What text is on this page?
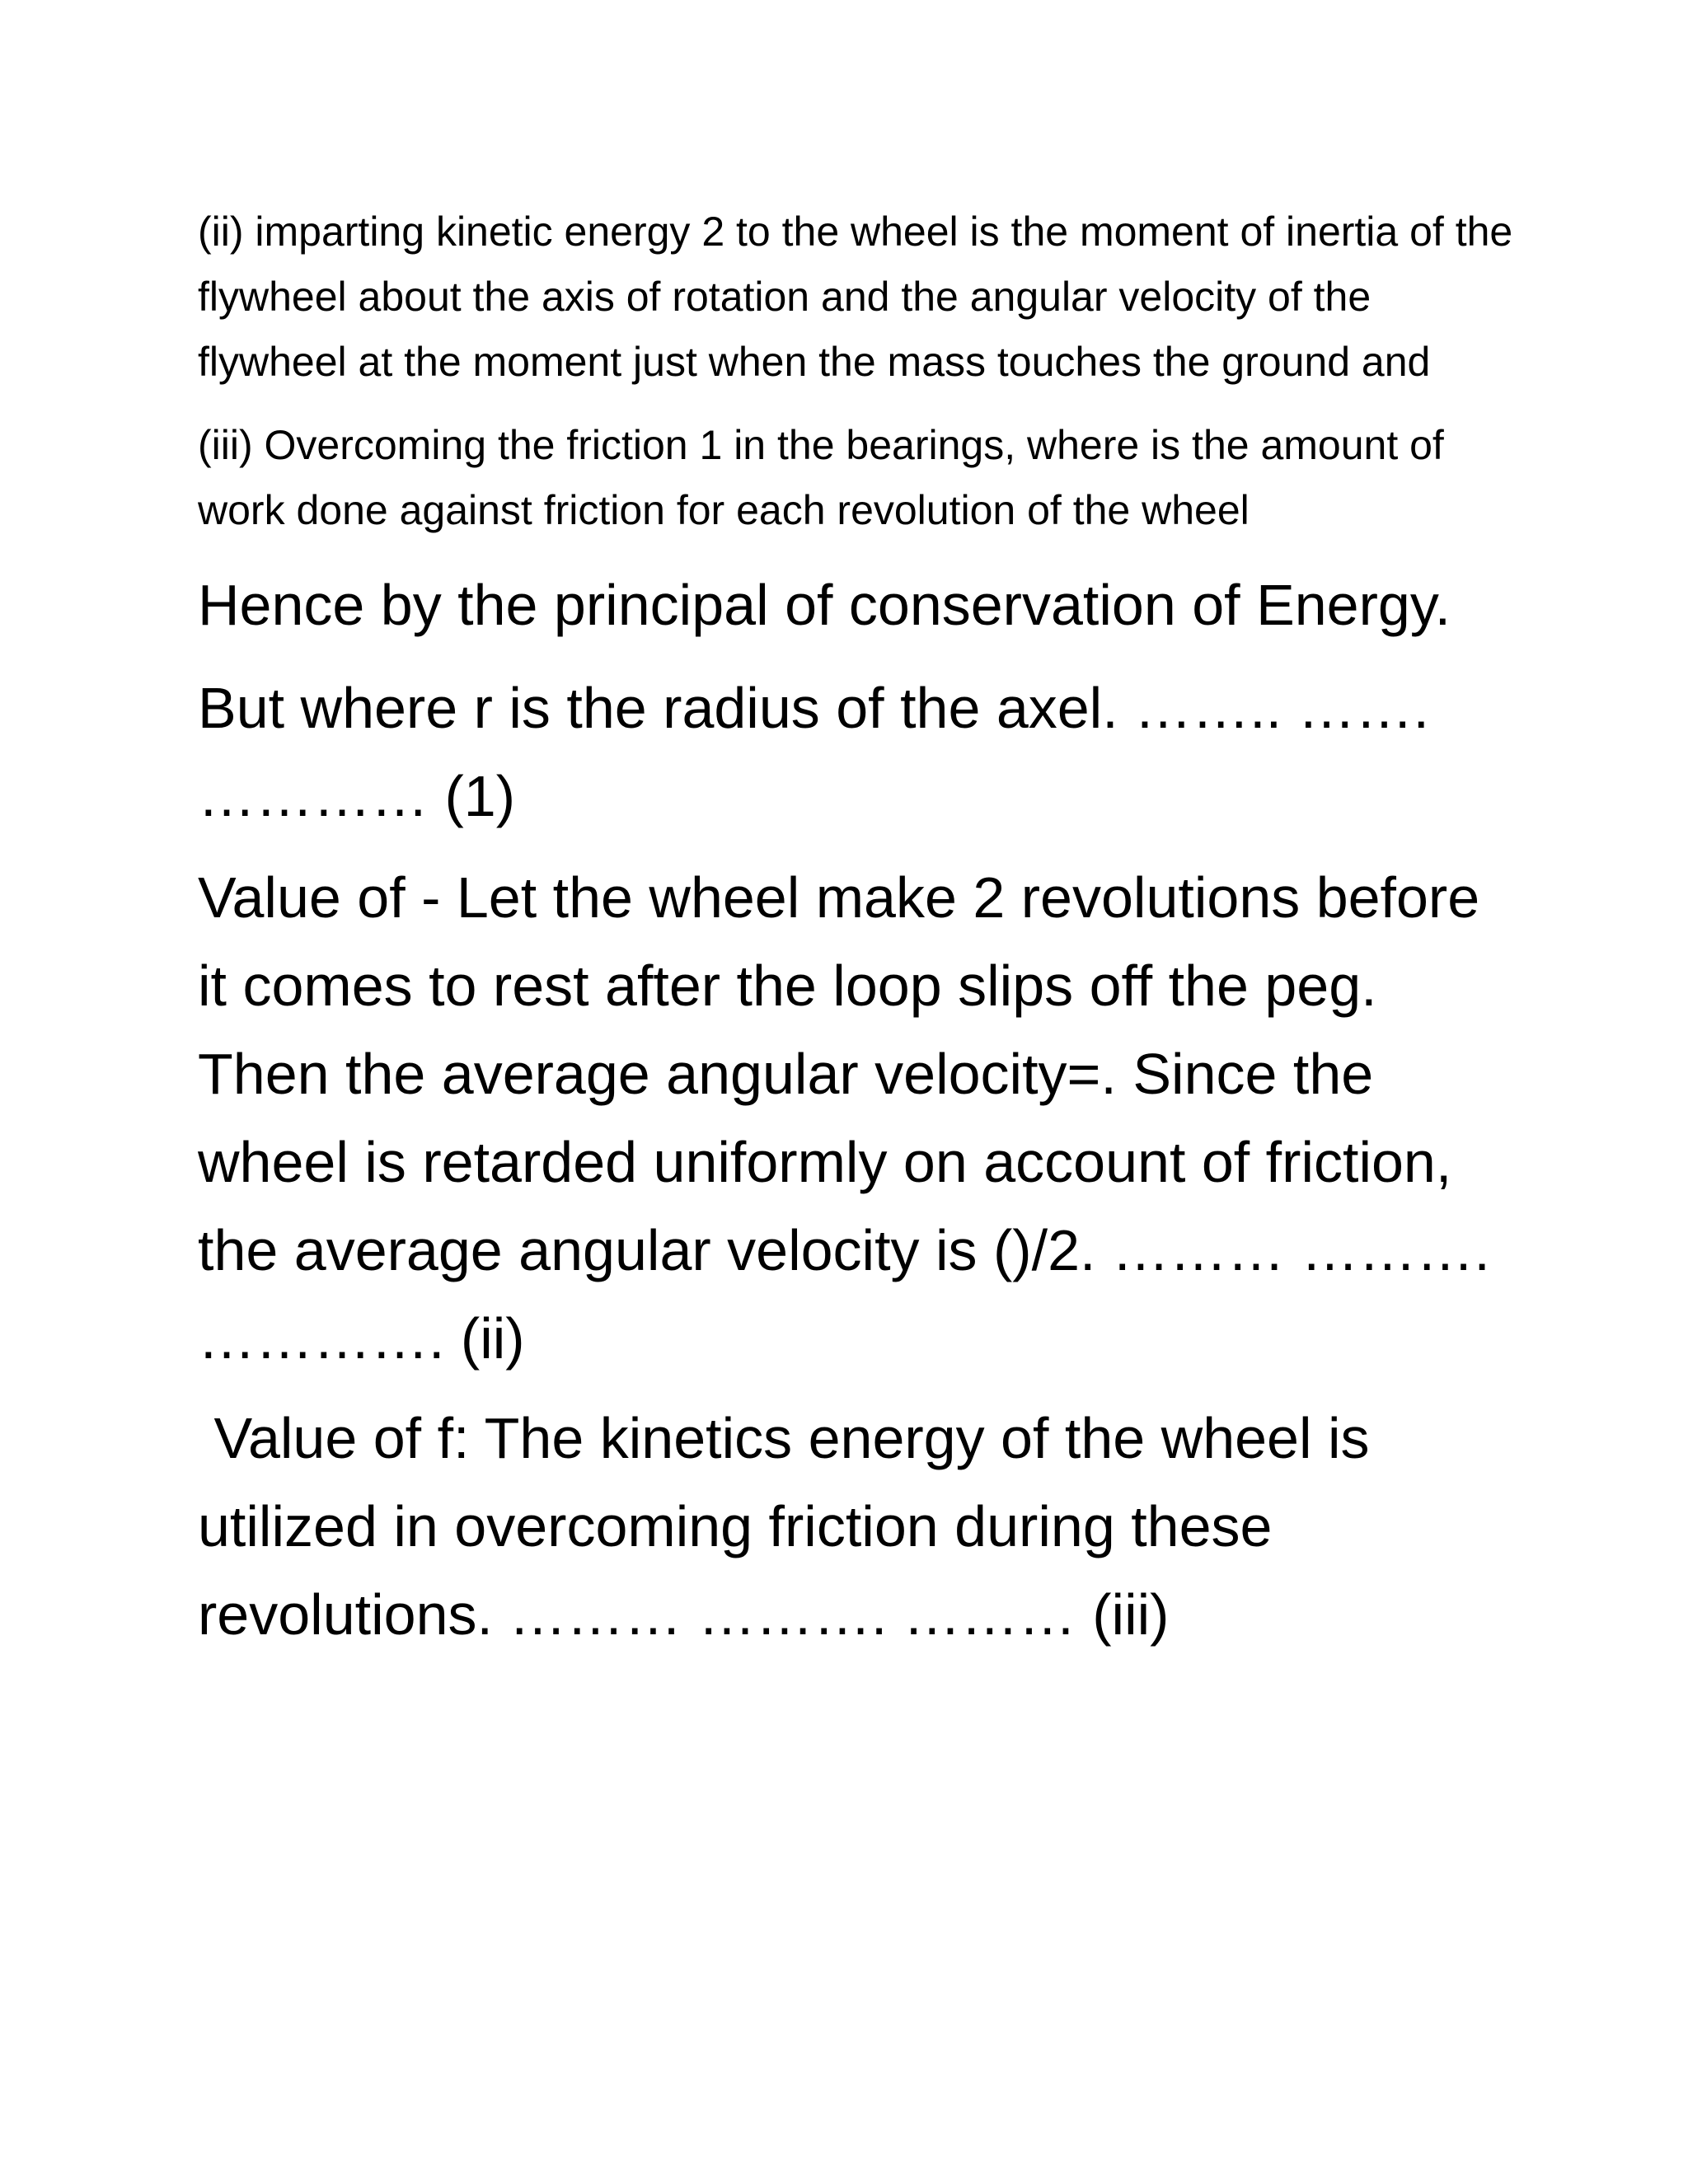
(ii) imparting kinetic energy 2 to the wheel is the moment of inertia of the flywheel about the axis of rotation and the angular velocity of the flywheel at the moment just when the mass touches the ground and

(iii) Overcoming the friction 1 in the bearings, where is the amount of work done against friction for each revolution of the wheel

Hence by the principal of conservation of Energy.

But where r is the radius of the axel. …….. ……. ………… (1)

Value of - Let the wheel make 2 revolutions before it comes to rest after the loop slips off the peg. Then the average angular velocity=. Since the wheel is retarded uniformly on account of friction, the average angular velocity is ()/2. ……… ………. …………. (ii)

Value of f: The kinetics energy of the wheel is utilized in overcoming friction during these revolutions. ……… ………. ……… (iii)
